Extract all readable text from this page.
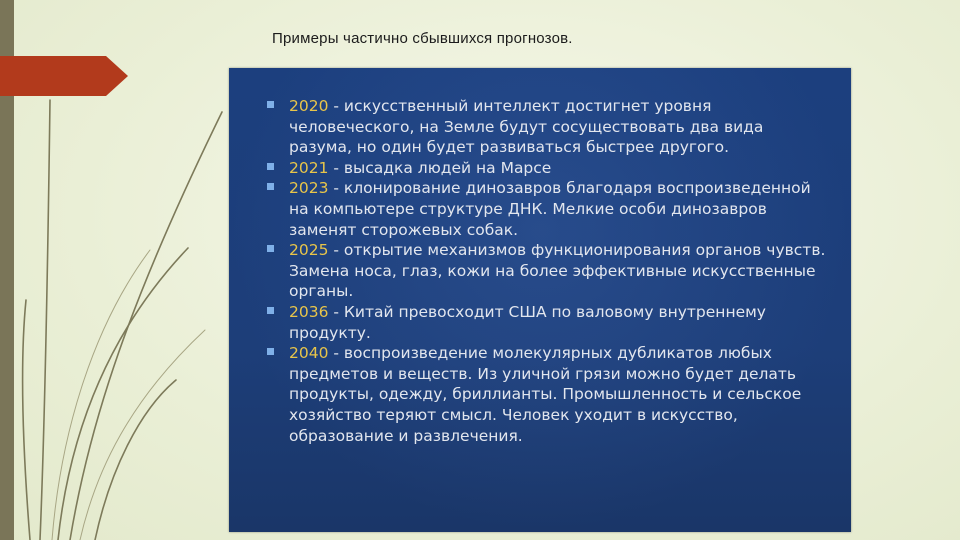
Примеры частично сбывшихся прогнозов.
2020 - искусственный интеллект достигнет уровня человеческого, на Земле будут сосуществовать два вида разума, но один будет развиваться быстрее другого.
2021 - высадка людей на Марсе
2023 - клонирование динозавров благодаря воспроизведенной на компьютере структуре ДНК. Мелкие особи динозавров заменят сторожевых собак.
2025 - открытие механизмов функционирования органов чувств. Замена носа, глаз, кожи на более эффективные искусственные органы.
2036 - Китай превосходит США по валовому внутреннему продукту.
2040 - воспроизведение молекулярных дубликатов любых предметов и веществ. Из уличной грязи можно будет делать продукты, одежду, бриллианты. Промышленность и сельское хозяйство теряют смысл. Человек уходит в искусство, образование и развлечения.
